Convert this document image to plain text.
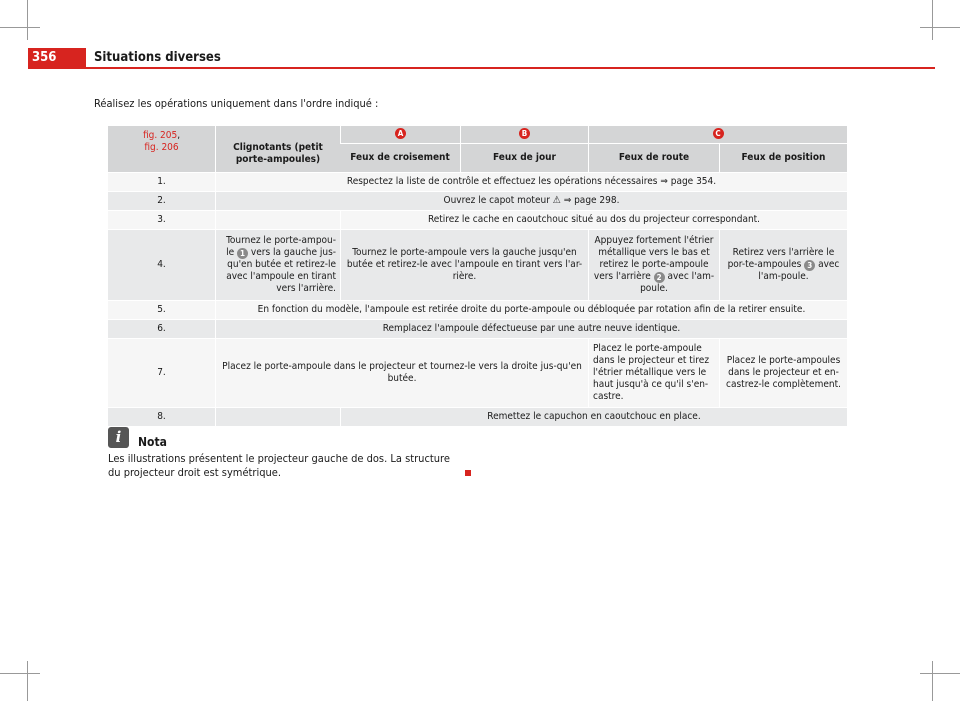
356	Situations diverses
Réalisez les opérations uniquement dans l'ordre indiqué :
fig. 205,
fig. 206	Clignotants (petit porte-ampoules)	A	B	C	
		Feux de croisement	Feux de jour	Feux de route	Feux de position
1.	Respectez la liste de contrôle et effectuez les opérations nécessaires ⇒ page 354.				
2.	Ouvrez le capot moteur ⚠ ⇒ page 298.				
3.		Retirez le cache en caoutchouc situé au dos du projecteur correspondant.			
4.	Tournez le porte-ampou-le 1 vers la gauche jus-qu'en butée et retirez-le avec l'ampoule en tirant vers l'arrière.	Tournez le porte-ampoule vers la gauche jusqu'en butée et retirez-le avec l'ampoule en tirant vers l'ar-rière.		Appuyez fortement l'étrier métallique vers le bas et retirez le porte-ampoule vers l'arrière 2 avec l'am-poule.	Retirez vers l'arrière le por-te-ampoules 3 avec l'am-poule.
5.	En fonction du modèle, l'ampoule est retirée droite du porte-ampoule ou débloquée par rotation afin de la retirer ensuite.				
6.	Remplacez l'ampoule défectueuse par une autre neuve identique.				
7.	Placez le porte-ampoule dans le projecteur et tournez-le vers la droite jus-qu'en butée.			Placez le porte-ampoule dans le projecteur et tirez l'étrier métallique vers le haut jusqu'à ce qu'il s'en-castre.	Placez le porte-ampoules dans le projecteur et en-castrez-le complètement.
8.		Remettez le capuchon en caoutchouc en place.			
i	Nota
Les illustrations présentent le projecteur gauche de dos. La structure du projecteur droit est symétrique.
